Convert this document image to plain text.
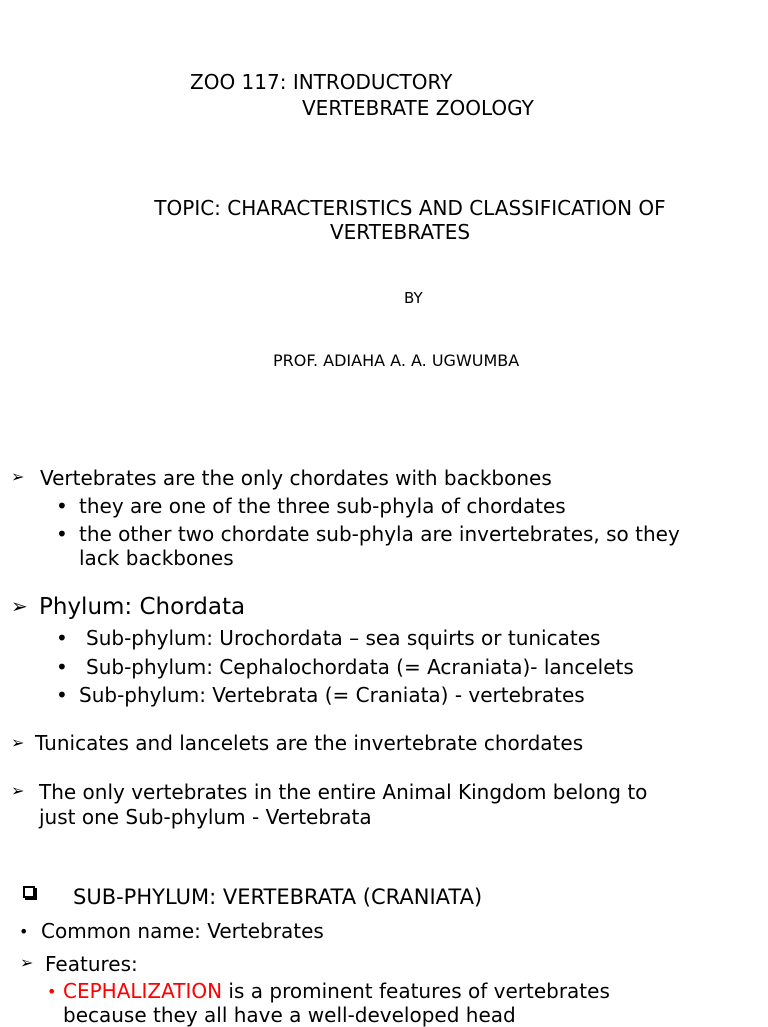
ZOO 117: INTRODUCTORY
VERTEBRATE ZOOLOGY
TOPIC: CHARACTERISTICS AND CLASSIFICATION OF
VERTEBRATES
BY
PROF. ADIAHA A. A. UGWUMBA
➢ Vertebrates are the only chordates with backbones
• they are one of the three sub-phyla of chordates
• the other two chordate sub-phyla are invertebrates, so they
lack backbones
➢ Phylum: Chordata
• Sub-phylum: Urochordata – sea squirts or tunicates
• Sub-phylum: Cephalochordata (= Acraniata)- lancelets
• Sub-phylum: Vertebrata (= Craniata) - vertebrates
➢ Tunicates and lancelets are the invertebrate chordates
➢ The only vertebrates in the entire Animal Kingdom belong to
just one Sub-phylum - Vertebrata
SUB-PHYLUM: VERTEBRATA (CRANIATA)
• Common name: Vertebrates
➢ Features:
• CEPHALIZATION is a prominent features of vertebrates
because they all have a well-developed head
